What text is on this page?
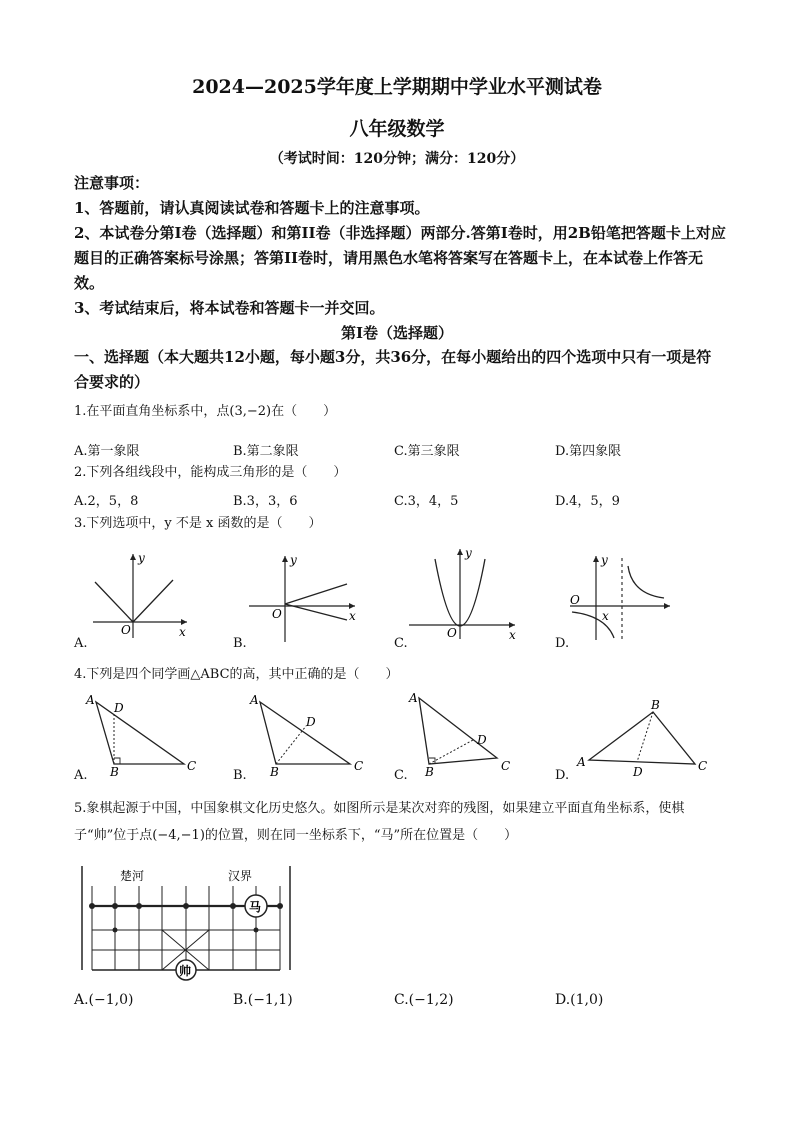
2024—2025学年度上学期期中学业水平测试卷
八年级数学
（考试时间：120分钟；满分：120分）
注意事项：
1、答题前，请认真阅读试卷和答题卡上的注意事项。
2、本试卷分第I卷（选择题）和第II卷（非选择题）两部分.答第I卷时，用2B铅笔把答题卡上对应题目的正确答案标号涂黑；答第II卷时，请用黑色水笔将答案写在答题卡上，在本试卷上作答无效。
3、考试结束后，将本试卷和答题卡一并交回。
第I卷（选择题）
一、选择题（本大题共12小题，每小题3分，共36分，在每小题给出的四个选项中只有一项是符合要求的）
1.在平面直角坐标系中，点(3,−2)在（　　）
A.第一象限	B.第二象限	C.第三象限	D.第四象限
2.下列各组线段中，能构成三角形的是（　　）
A.2，5，8	B.3，3，6	C.3，4，5	D.4，5，9
3.下列选项中，y 不是 x 函数的是（　　）
y
x
O
A.
y
x
O
B.
y
x
O
C.
y
x
O
D.
4.下列是四个同学画△ABC的高，其中正确的是（　　）
A
D
B	C
A.
A
D
B	C
B.
A
D
B	C
C.
A
B
D	C
D.
5.象棋起源于中国，中国象棋文化历史悠久。如图所示是某次对弈的残图，如果建立平面直角坐标系，使棋
子“帅”位于点(−4,−1)的位置，则在同一坐标系下，“马”所在位置是（　　）
楚河	汉界
马
帅
A.(−1,0)	B.(−1,1)	C.(−1,2)	D.(1,0)
